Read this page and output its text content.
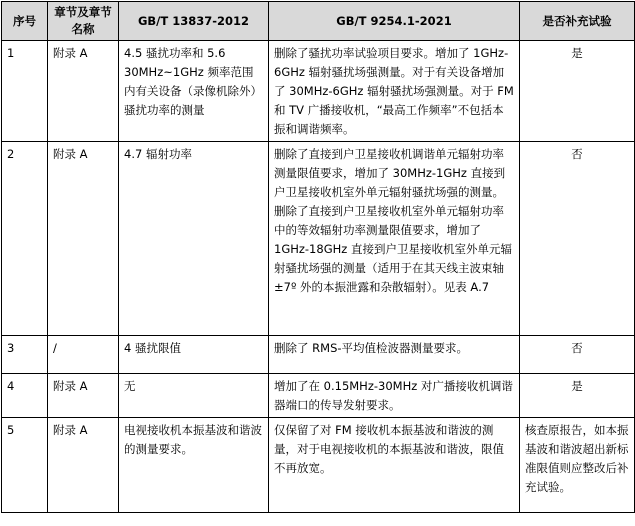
序号	章节及章节名称	GB/T 13837-2012	GB/T 9254.1-2021	是否补充试验
1	附录 A	4.5 骚扰功率和 5.6 30MHz~1GHz 频率范围内有关设备（录像机除外）骚扰功率的测量	删除了骚扰功率试验项目要求。增加了 1GHz-6GHz 辐射骚扰场强测量。对于有关设备增加了 30MHz-6GHz 辐射骚扰场强测量。对于 FM 和 TV 广播接收机，“最高工作频率”不包括本振和调谐频率。	是
2	附录 A	4.7 辐射功率	删除了直接到户卫星接收机调谐单元辐射功率测量限值要求，增加了 30MHz-1GHz 直接到户卫星接收机室外单元辐射骚扰场强的测量。删除了直接到户卫星接收机室外单元辐射功率中的等效辐射功率测量限值要求，增加了 1GHz-18GHz 直接到户卫星接收机室外单元辐射骚扰场强的测量（适用于在其天线主波束轴 ±7º 外的本振泄露和杂散辐射）。见表 A.7	否
3	/	4 骚扰限值	删除了 RMS-平均值检波器测量要求。	否
4	附录 A	无	增加了在 0.15MHz-30MHz 对广播接收机调谐器端口的传导发射要求。	是
5	附录 A	电视接收机本振基波和谐波的测量要求。	仅保留了对 FM 接收机本振基波和谐波的测量，对于电视接收机的本振基波和谐波，限值不再放宽。	核查原报告，如本振基波和谐波超出新标准限值则应整改后补充试验。
